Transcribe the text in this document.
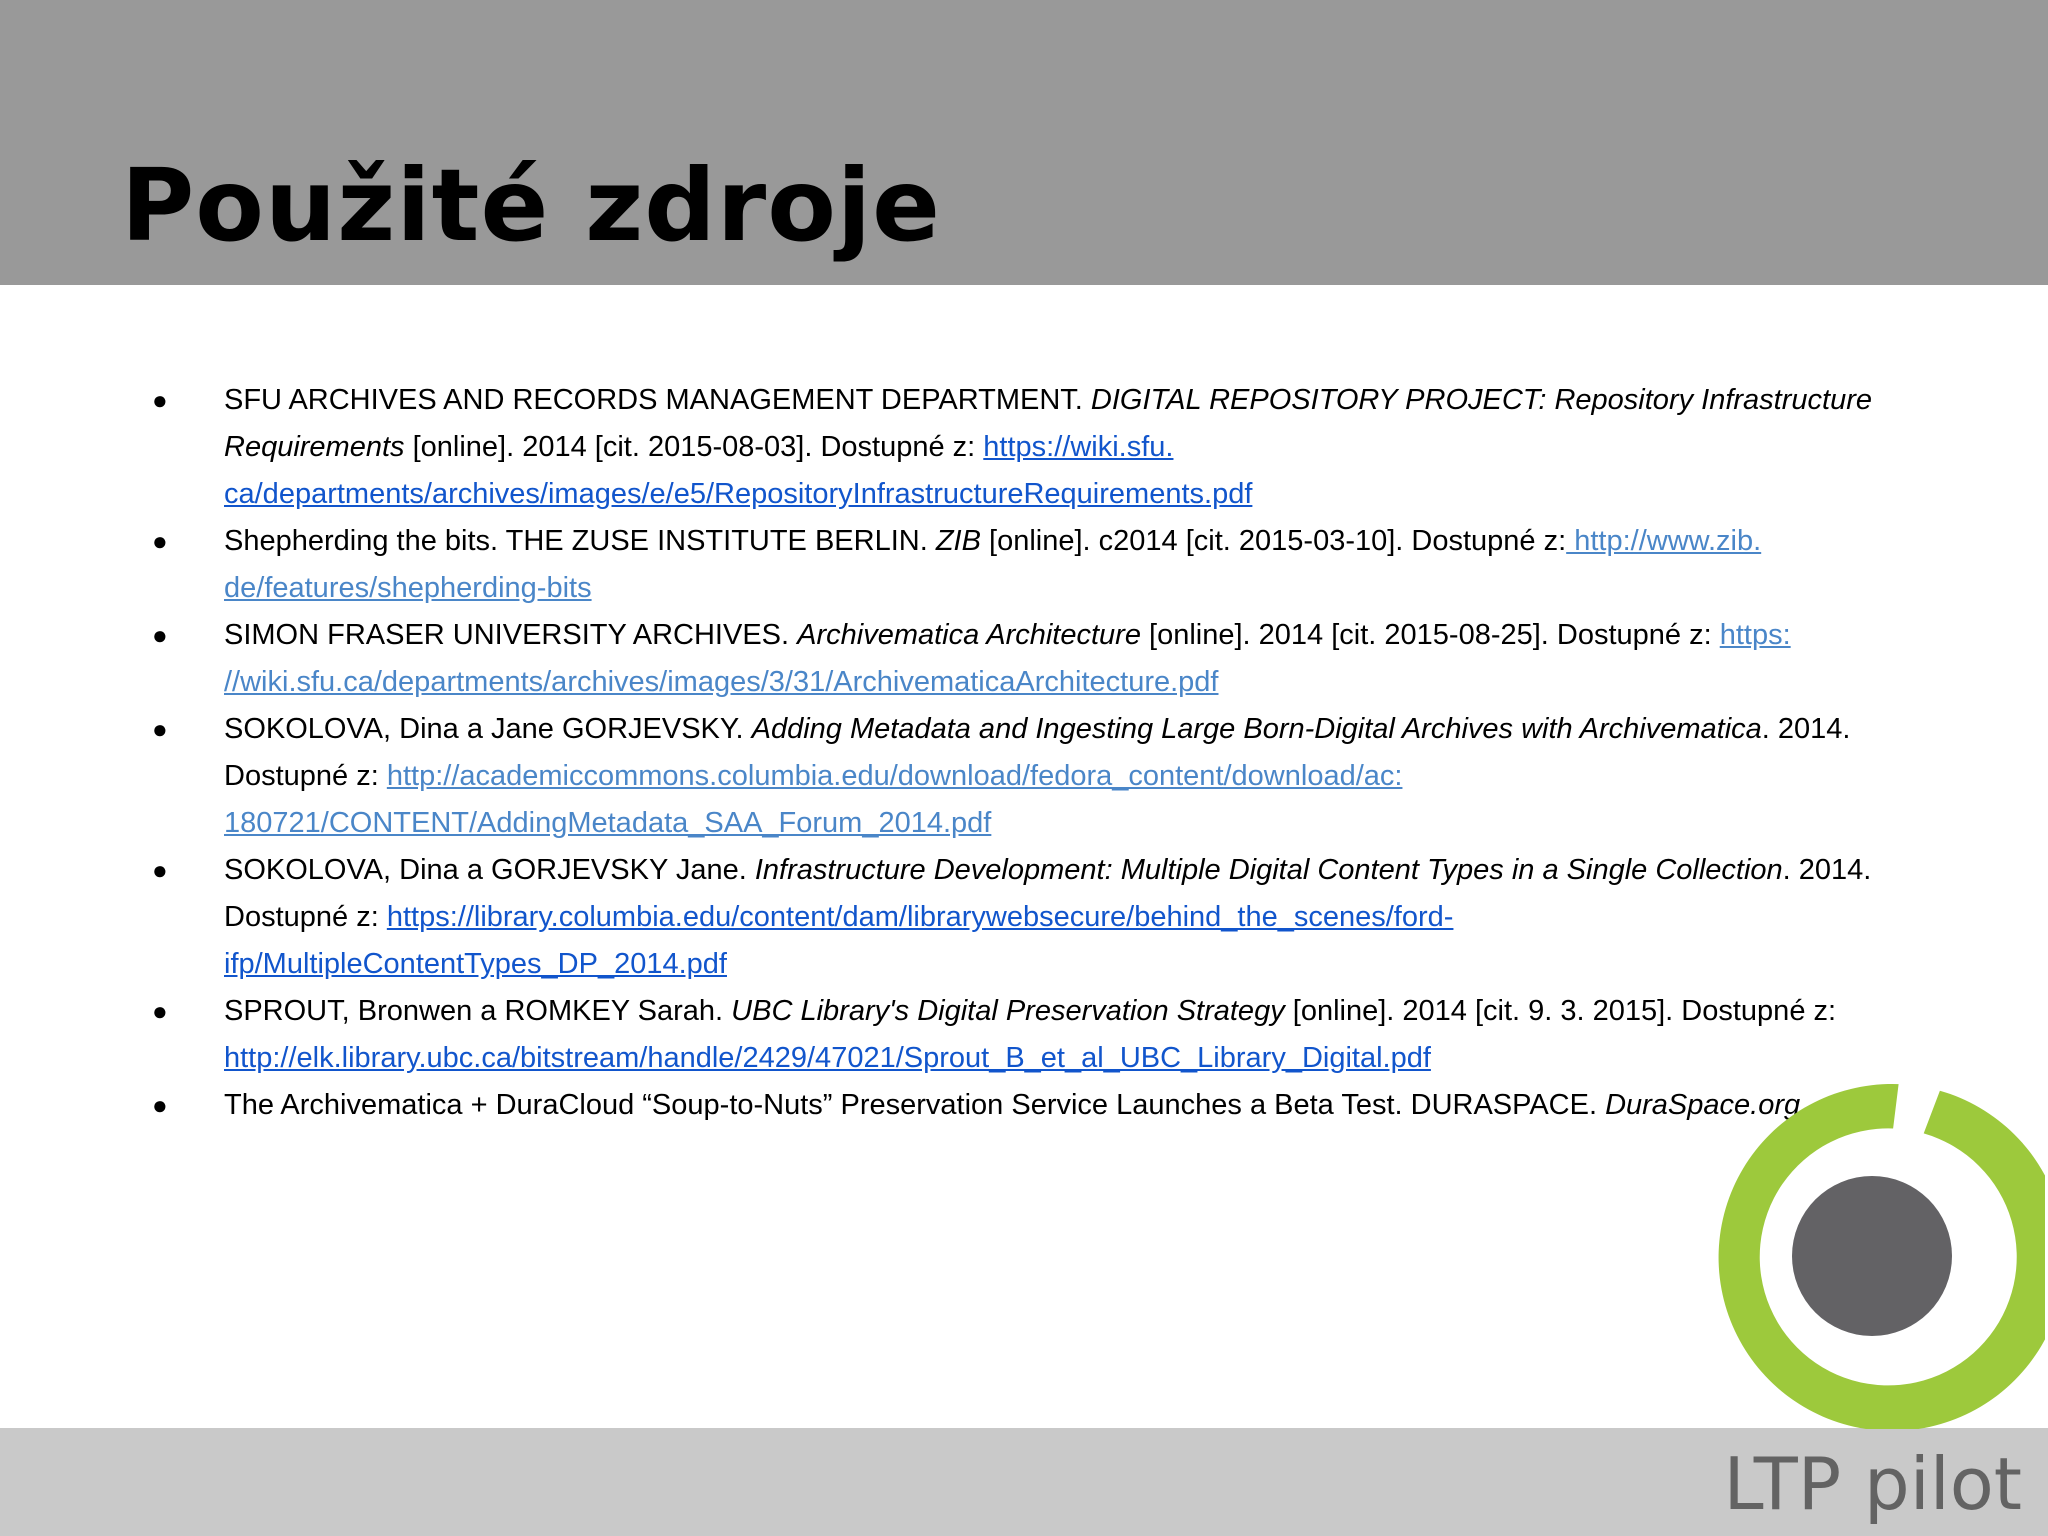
Použité zdroje
● SFU ARCHIVES AND RECORDS MANAGEMENT DEPARTMENT. DIGITAL REPOSITORY PROJECT: Repository Infrastructure Requirements [online]. 2014 [cit. 2015-08-03]. Dostupné z: https://wiki.sfu.
ca/departments/archives/images/e/e5/RepositoryInfrastructureRequirements.pdf
● Shepherding the bits. THE ZUSE INSTITUTE BERLIN. ZIB [online]. c2014 [cit. 2015-03-10]. Dostupné z: http://www.zib.
de/features/shepherding-bits
● SIMON FRASER UNIVERSITY ARCHIVES. Archivematica Architecture [online]. 2014 [cit. 2015-08-25]. Dostupné z: https:
//wiki.sfu.ca/departments/archives/images/3/31/ArchivematicaArchitecture.pdf
● SOKOLOVA, Dina a Jane GORJEVSKY. Adding Metadata and Ingesting Large Born-Digital Archives with Archivematica. 2014. Dostupné z: http://academiccommons.columbia.edu/download/fedora_content/download/ac:
180721/CONTENT/AddingMetadata_SAA_Forum_2014.pdf
● SOKOLOVA, Dina a GORJEVSKY Jane. Infrastructure Development: Multiple Digital Content Types in a Single Collection. 2014. Dostupné z: https://library.columbia.edu/content/dam/librarywebsecure/behind_the_scenes/ford-
ifp/MultipleContentTypes_DP_2014.pdf
● SPROUT, Bronwen a ROMKEY Sarah. UBC Library's Digital Preservation Strategy [online]. 2014 [cit. 9. 3. 2015]. Dostupné z: http://elk.library.ubc.ca/bitstream/handle/2429/47021/Sprout_B_et_al_UBC_Library_Digital.pdf
● The Archivematica + DuraCloud “Soup-to-Nuts” Preservation Service Launches a Beta Test. DURASPACE. DuraSpace.org
LTP pilot
